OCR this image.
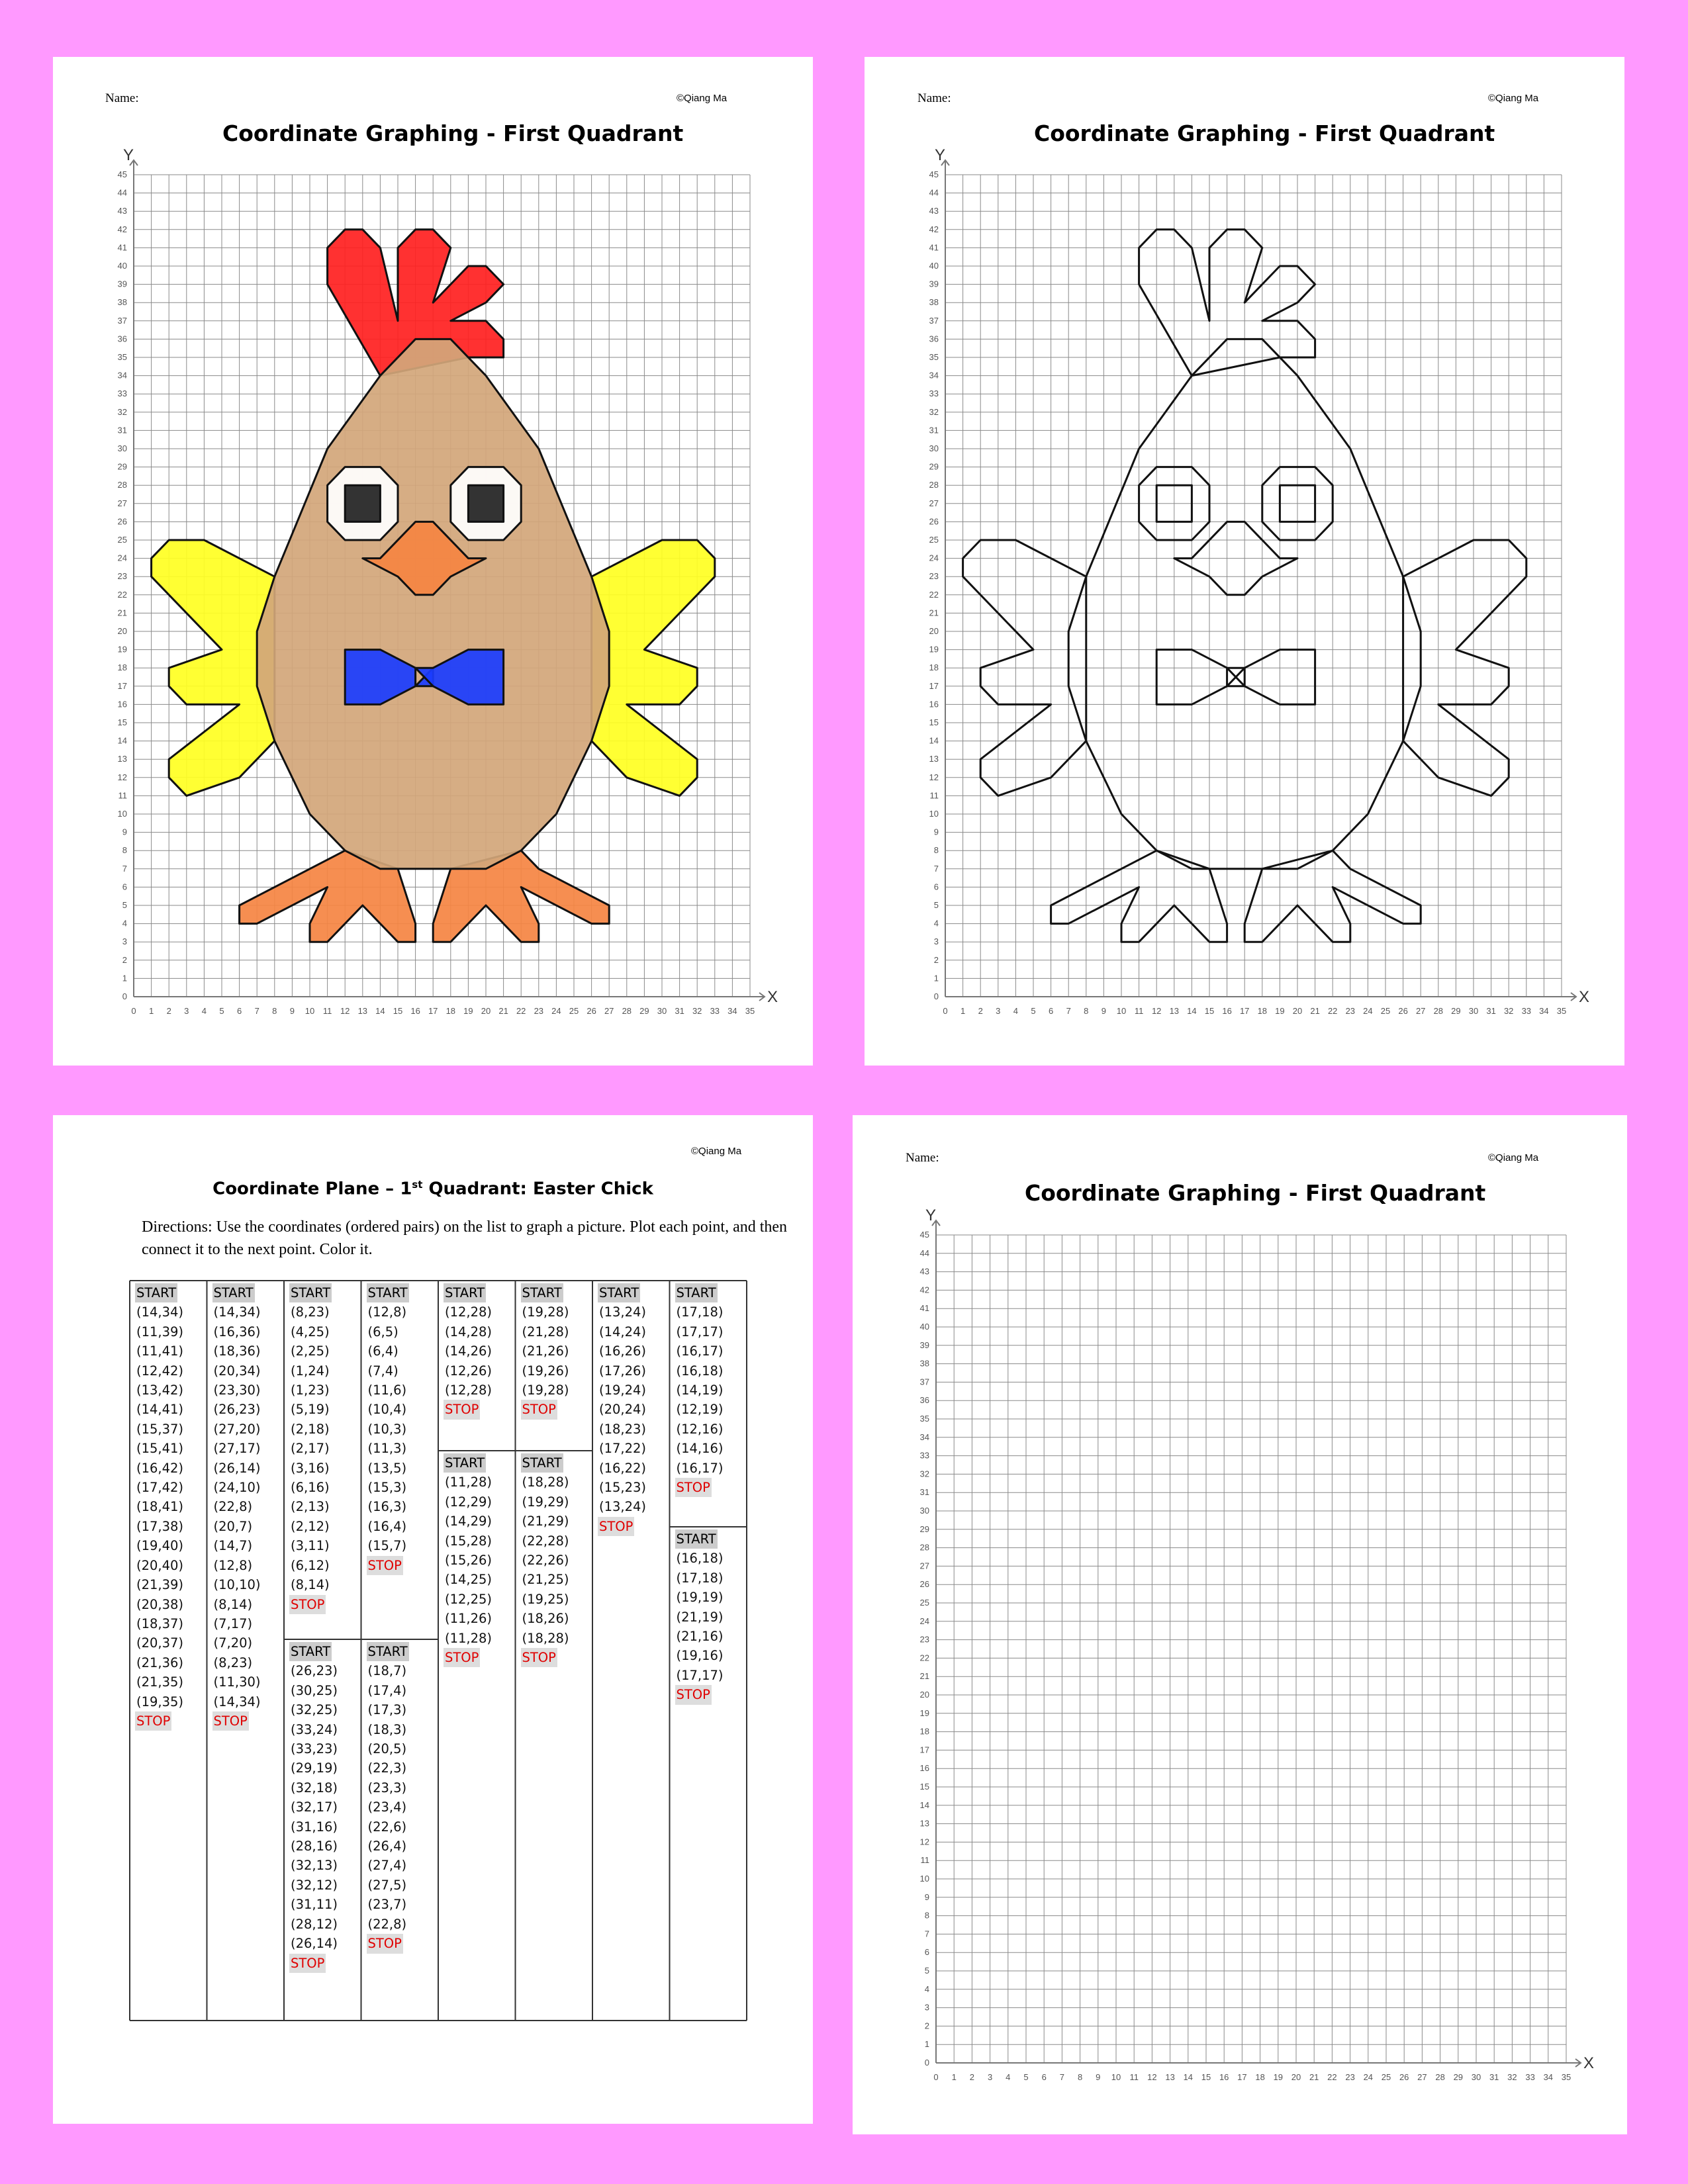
Name:	©Qiang Ma
Coordinate Graphing - First Quadrant
X
Y
0 1 2 3 4 5 6 7 8 9 10 11 12 13 14 15 16 17 18 19 20 21 22 23 24 25 26 27 28 29 30 31 32 33 34 35
0
1
2
3
4
5
6
7
8
9
10
11
12
13
14
15
16
17
18
19
20
21
22
23
24
25
26
27
28
29
30
31
32
33
34
35
36
37
38
39
40
41
42
43
44
45
Name:	©Qiang Ma
Coordinate Graphing - First Quadrant
X
Y
0 1 2 3 4 5 6 7 8 9 10 11 12 13 14 15 16 17 18 19 20 21 22 23 24 25 26 27 28 29 30 31 32 33 34 35
0
1
2
3
4
5
6
7
8
9
10
11
12
13
14
15
16
17
18
19
20
21
22
23
24
25
26
27
28
29
30
31
32
33
34
35
36
37
38
39
40
41
42
43
44
45
©Qiang Ma
Coordinate Plane – 1st Quadrant: Easter Chick
Directions: Use the coordinates (ordered pairs) on the list to graph a picture. Plot each point, and then connect it to the next point. Color it.
START
(14,34)
(11,39)
(11,41)
(12,42)
(13,42)
(14,41)
(15,37)
(15,41)
(16,42)
(17,42)
(18,41)
(17,38)
(19,40)
(20,40)
(21,39)
(20,38)
(18,37)
(20,37)
(21,36)
(21,35)
(19,35)
STOP
START
(14,34)
(16,36)
(18,36)
(20,34)
(23,30)
(26,23)
(27,20)
(27,17)
(26,14)
(24,10)
(22,8)
(20,7)
(14,7)
(12,8)
(10,10)
(8,14)
(7,17)
(7,20)
(8,23)
(11,30)
(14,34)
STOP
START
(8,23)
(4,25)
(2,25)
(1,24)
(1,23)
(5,19)
(2,18)
(2,17)
(3,16)
(6,16)
(2,13)
(2,12)
(3,11)
(6,12)
(8,14)
STOP
START
(26,23)
(30,25)
(32,25)
(33,24)
(33,23)
(29,19)
(32,18)
(32,17)
(31,16)
(28,16)
(32,13)
(32,12)
(31,11)
(28,12)
(26,14)
STOP
START
(12,8)
(6,5)
(6,4)
(7,4)
(11,6)
(10,4)
(10,3)
(11,3)
(13,5)
(15,3)
(16,3)
(16,4)
(15,7)
STOP
START
(18,7)
(17,4)
(17,3)
(18,3)
(20,5)
(22,3)
(23,3)
(23,4)
(22,6)
(26,4)
(27,4)
(27,5)
(23,7)
(22,8)
STOP
START
(12,28)
(14,28)
(14,26)
(12,26)
(12,28)
STOP
START
(11,28)
(12,29)
(14,29)
(15,28)
(15,26)
(14,25)
(12,25)
(11,26)
(11,28)
STOP
START
(19,28)
(21,28)
(21,26)
(19,26)
(19,28)
STOP
START
(18,28)
(19,29)
(21,29)
(22,28)
(22,26)
(21,25)
(19,25)
(18,26)
(18,28)
STOP
START
(13,24)
(14,24)
(16,26)
(17,26)
(19,24)
(20,24)
(18,23)
(17,22)
(16,22)
(15,23)
(13,24)
STOP
START
(17,18)
(17,17)
(16,17)
(16,18)
(14,19)
(12,19)
(12,16)
(14,16)
(16,17)
STOP
START
(16,18)
(17,18)
(19,19)
(21,19)
(21,16)
(19,16)
(17,17)
STOP
Name:	©Qiang Ma
Coordinate Graphing - First Quadrant
X
Y
0 1 2 3 4 5 6 7 8 9 10 11 12 13 14 15 16 17 18 19 20 21 22 23 24 25 26 27 28 29 30 31 32 33 34 35
0
1
2
3
4
5
6
7
8
9
10
11
12
13
14
15
16
17
18
19
20
21
22
23
24
25
26
27
28
29
30
31
32
33
34
35
36
37
38
39
40
41
42
43
44
45
